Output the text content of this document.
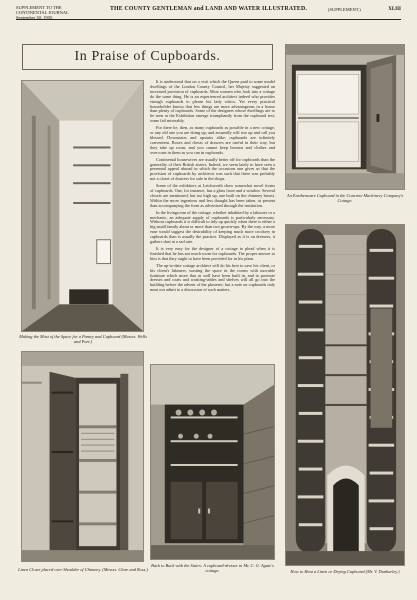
SUPPLEMENT TO THE
CONTINENTAL JOURNAL
September 30, 1905.
THE COUNTY GENTLEMAN and LAND AND WATER ILLUSTRATED.	(SUPPLEMENT.)	XLIII
In Praise of Cupboards.
Making the Most of the Space for a Pantry and Cupboard (Messrs. Wells and Parr.)

It is understood that on a visit which the Queen paid to some model dwellings of the London County Council, her Majesty suggested an increased provision of cupboards. Most women who look into a cottage do the same thing. He is an experienced architect indeed who provides enough cupboards to please his lady critics. Yet every practical householder knows that few things are more advantageous in a house than plenty of cupboards. Some of the designers whose dwellings are to be seen at the Exhibition emerge triumphantly from the cupboard test; some fail miserably.

For there be, then, as many cupboards as possible in a new cottage, or any old one you are doing up; and assuredly will rise up and call you blessed. Downstairs and upstairs alike, cupboards are infinitely convenient. Boxes and chests of drawers are useful in their way, but they take up room, and you cannot keep brooms and clothes and overcoats in them as you can in cupboards.

Continental housewives are usually better off for cupboards than the generality of their British sisters. Indeed, we seem lately to have seen a perennial appeal abroad in which the occasions one gives us that the provision of cupboards by architects was such that there was probably not a closet of drawers for sale in the shops.

Some of the exhibitors at Letchworth show somewhat novel forms of cupboards. One, for instance, has a glass front and a window. Several closets are mentioned, but too high up, one built on the chimney breast. Within the more ingenious and less thought has been taken, at present than accompanying the front as advertised through the institution.

In the livingroom of the cottage, whether inhabited by a labourer or a mechanic, an adequate supply of cupboards is particularly necessary. Without cupboards it is difficult to tidy up quickly when there is either a big small family about or more than two grown-ups. By the way, a more ease would suggest the desirability of keeping much more crockery in cupboards than is usually the practice. Displayed as it is on dressers, it gathers dust at a sad rate.

It is very easy for the designer of a cottage to plead when it is finished that he has not much room for cupboards. The proper answer to him is that they ought to have been provided for in his plans.

The up-to-date cottage architect will do his best to save his client, or his client's labourer, wasting the space in the rooms with movable furniture which more that as well have been built in, and to promote dresses and coats and washing-tables and shelves will all go into the building before the advent of the plasterer; but a note on cupboards only must not admit to a discussion of such matters.

An Earthenware Cupboard in the Concrete Machinery Company's Cottage.
How to Heat a Linen or Drying Cupboard (Mr. V. Dunbarley.)
Linen Closet placed over Shoulder of Chimney. (Messrs. Clare and Ross.)
Back to Back with the Stairs: A cupboard-dresser in Mr. C. G. Agate's cottage.
